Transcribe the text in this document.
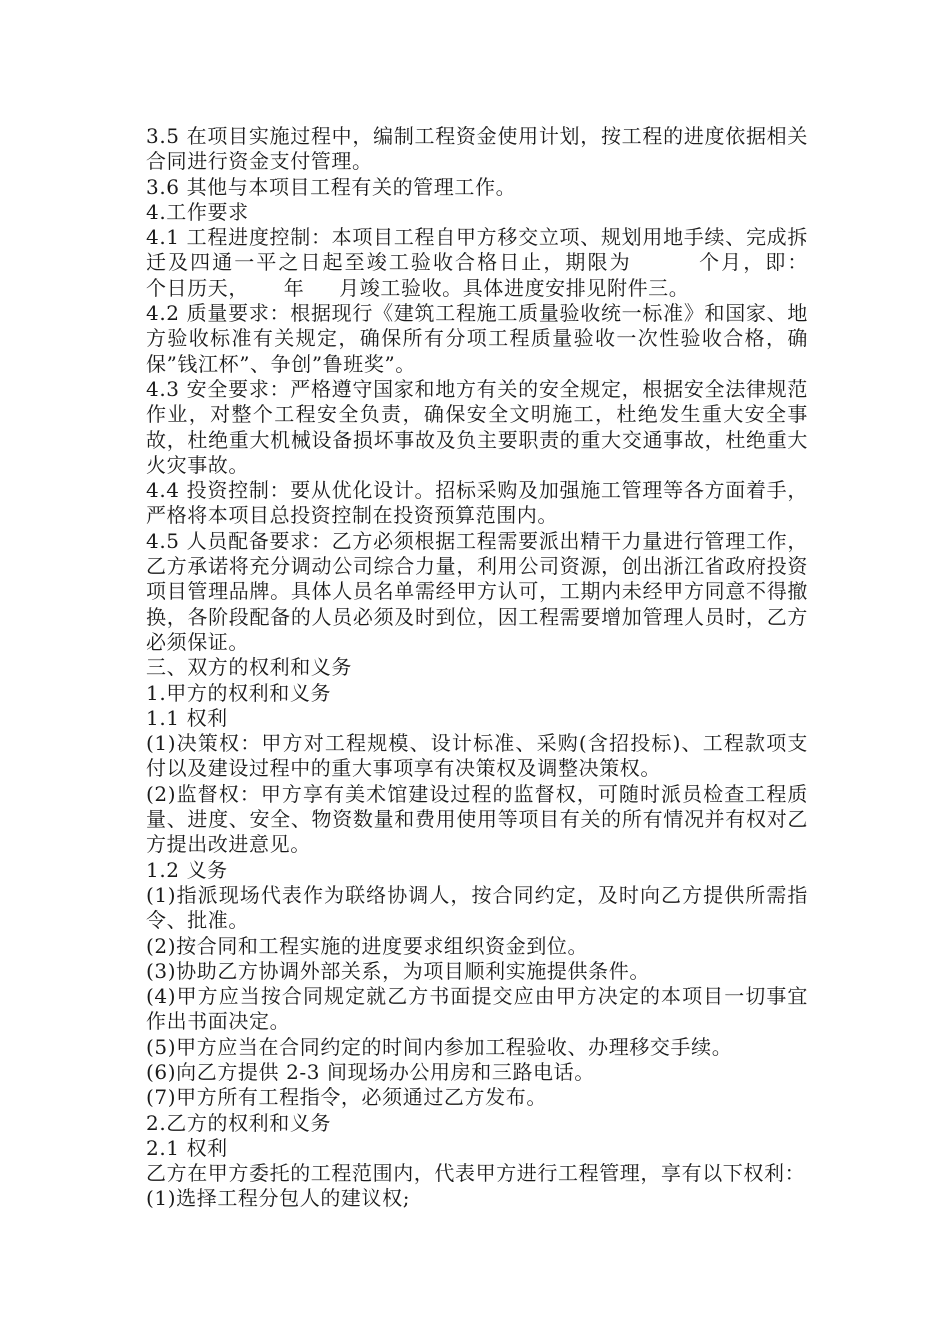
3.5 在项目实施过程中，编制工程资金使用计划，按工程的进度依据相关合同进行资金支付管理。

3.6 其他与本项目工程有关的管理工作。

4.工作要求

4.1 工程进度控制：本项目工程自甲方移交立项、规划用地手续、完成拆迁及四通一平之日起至竣工验收合格日止，期限为        个月，即：        个日历天，     年     月竣工验收。具体进度安排见附件三。

4.2 质量要求：根据现行《建筑工程施工质量验收统一标准》和国家、地方验收标准有关规定，确保所有分项工程质量验收一次性验收合格，确保”钱江杯”、争创”鲁班奖”。

4.3 安全要求：严格遵守国家和地方有关的安全规定，根据安全法律规范作业，对整个工程安全负责，确保安全文明施工，杜绝发生重大安全事故，杜绝重大机械设备损坏事故及负主要职责的重大交通事故，杜绝重大火灾事故。

4.4 投资控制：要从优化设计。招标采购及加强施工管理等各方面着手，严格将本项目总投资控制在投资预算范围内。

4.5 人员配备要求：乙方必须根据工程需要派出精干力量进行管理工作，乙方承诺将充分调动公司综合力量，利用公司资源，创出浙江省政府投资项目管理品牌。具体人员名单需经甲方认可，工期内未经甲方同意不得撤换，各阶段配备的人员必须及时到位，因工程需要增加管理人员时，乙方必须保证。

三、双方的权利和义务

1.甲方的权利和义务

1.1 权利

(1)决策权：甲方对工程规模、设计标准、采购(含招投标)、工程款项支付以及建设过程中的重大事项享有决策权及调整决策权。

(2)监督权：甲方享有美术馆建设过程的监督权，可随时派员检查工程质量、进度、安全、物资数量和费用使用等项目有关的所有情况并有权对乙方提出改进意见。

1.2 义务

(1)指派现场代表作为联络协调人，按合同约定，及时向乙方提供所需指令、批准。

(2)按合同和工程实施的进度要求组织资金到位。

(3)协助乙方协调外部关系，为项目顺利实施提供条件。

(4)甲方应当按合同规定就乙方书面提交应由甲方决定的本项目一切事宜作出书面决定。

(5)甲方应当在合同约定的时间内参加工程验收、办理移交手续。

(6)向乙方提供 2-3 间现场办公用房和三路电话。

(7)甲方所有工程指令，必须通过乙方发布。

2.乙方的权利和义务

2.1 权利

乙方在甲方委托的工程范围内，代表甲方进行工程管理，享有以下权利：

(1)选择工程分包人的建议权;
